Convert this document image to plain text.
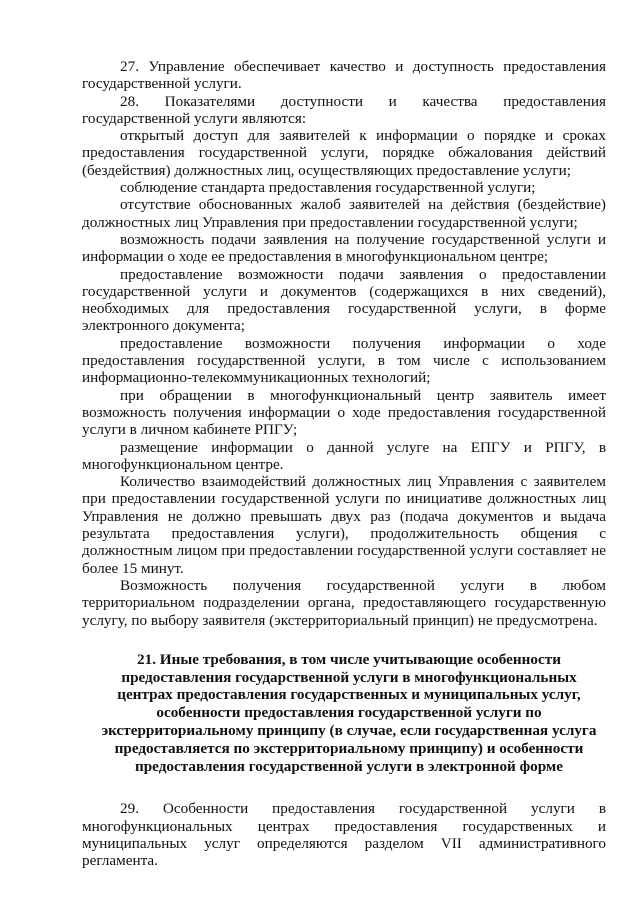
27. Управление обеспечивает качество и доступность предоставления государственной услуги.

28. Показателями доступности и качества предоставления государственной услуги являются:

открытый доступ для заявителей к информации о порядке и сроках предоставления государственной услуги, порядке обжалования действий (бездействия) должностных лиц, осуществляющих предоставление услуги;

соблюдение стандарта предоставления государственной услуги;

отсутствие обоснованных жалоб заявителей на действия (бездействие) должностных лиц Управления при предоставлении государственной услуги;

возможность подачи заявления на получение государственной услуги и информации о ходе ее предоставления в многофункциональном центре;

предоставление возможности подачи заявления о предоставлении государственной услуги и документов (содержащихся в них сведений), необходимых для предоставления государственной услуги, в форме электронного документа;

предоставление возможности получения информации о ходе предоставления государственной услуги, в том числе с использованием информационно-телекоммуникационных технологий;

при обращении в многофункциональный центр заявитель имеет возможность получения информации о ходе предоставления государственной услуги в личном кабинете РПГУ;

размещение информации о данной услуге на ЕПГУ и РПГУ, в многофункциональном центре.

Количество взаимодействий должностных лиц Управления с заявителем при предоставлении государственной услуги по инициативе должностных лиц Управления не должно превышать двух раз (подача документов и выдача результата предоставления услуги), продолжительность общения с должностным лицом при предоставлении государственной услуги составляет не более 15 минут.

Возможность получения государственной услуги в любом территориальном подразделении органа, предоставляющего государственную услугу, по выбору заявителя (экстерриториальный принцип) не предусмотрена.

21. Иные требования, в том числе учитывающие особенности предоставления государственной услуги в многофункциональных центрах предоставления государственных и муниципальных услуг, особенности предоставления государственной услуги по экстерриториальному принципу (в случае, если государственная услуга предоставляется по экстерриториальному принципу) и особенности предоставления государственной услуги в электронной форме

29. Особенности предоставления государственной услуги в многофункциональных центрах предоставления государственных и муниципальных услуг определяются разделом VII административного регламента.
